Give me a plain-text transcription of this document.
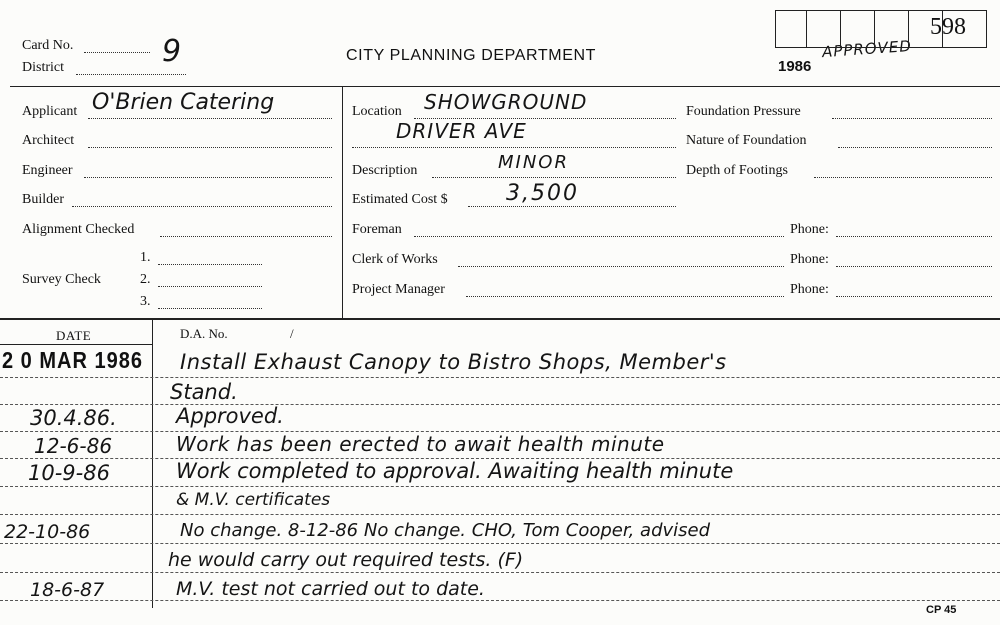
Card No.	9
District
CITY PLANNING DEPARTMENT
1986
APPROVED
598
Applicant O'Brien Catering
Architect
Engineer
Builder
Alignment Checked
Survey Check
1.
2.
3.
Location SHOWGROUND
DRIVER AVE
Description	MINOR
Estimated Cost $	3,500
Foreman
Clerk of Works
Project Manager
Foundation Pressure
Nature of Foundation
Depth of Footings
Phone:
Phone:
Phone:
DATE	D.A. No.	/
2 0 MAR 1986 Install Exhaust Canopy to Bistro Shops, Member's
Stand.
30.4.86.	Approved.
12-6-86	Work has been erected to await health minute
10-9-86	Work completed to approval. Awaiting health minute
& M.V. certificates
22-10-86	No change. 8-12-86 No change. CHO, Tom Cooper, advised
he would carry out required tests. (F)
18-6-87	M.V. test not carried out to date.
CP 45
